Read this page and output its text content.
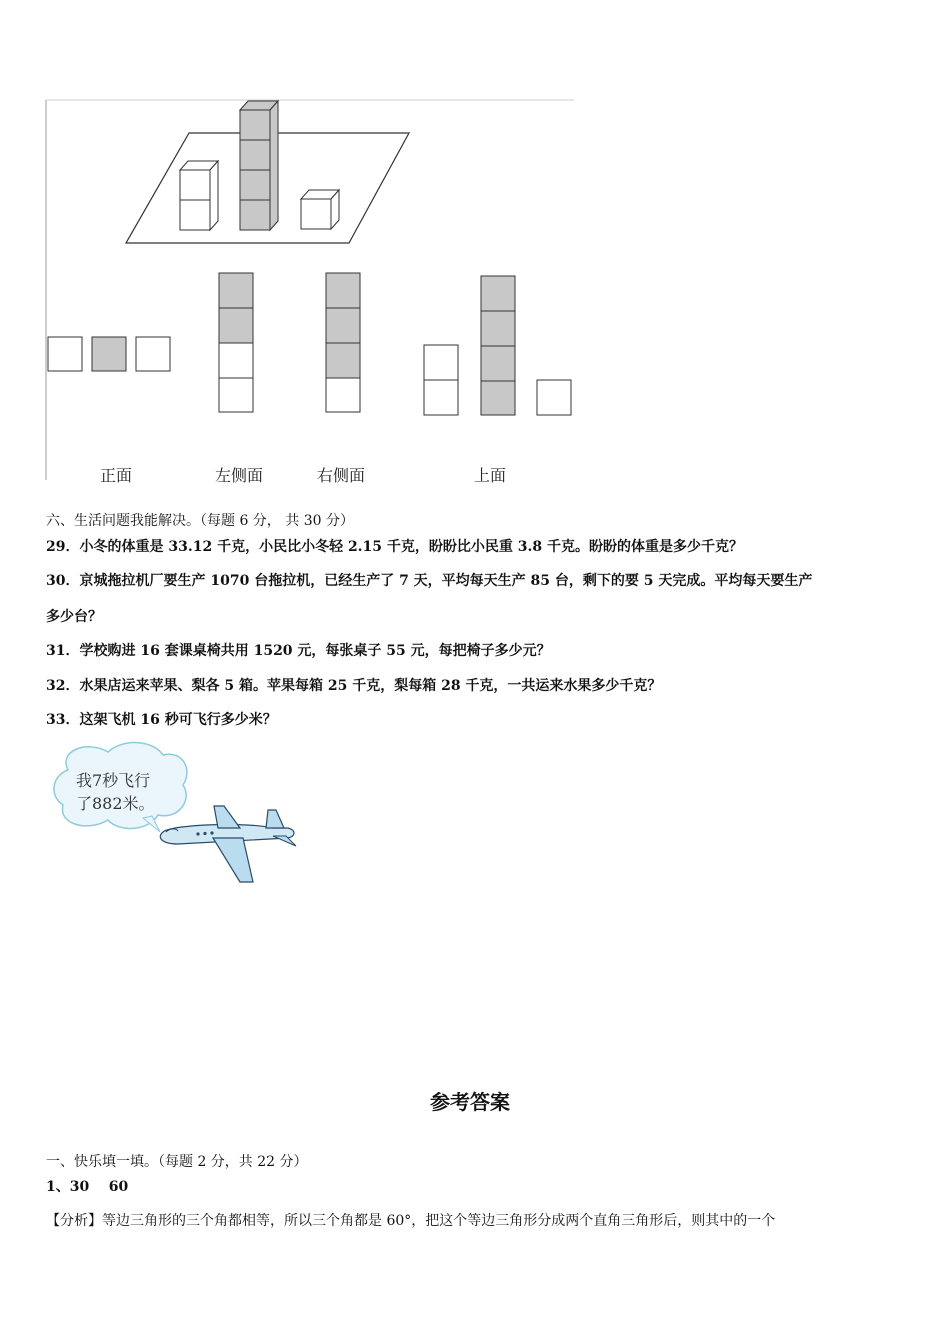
正面	左侧面	右侧面	上面
六、生活问题我能解决。（每题 6 分， 共 30 分）
29．小冬的体重是 33.12 千克，小民比小冬轻 2.15 千克，盼盼比小民重 3.8 千克。盼盼的体重是多少千克？
30．京城拖拉机厂要生产 1070 台拖拉机，已经生产了 7 天，平均每天生产 85 台，剩下的要 5 天完成。平均每天要生产
多少台？
31．学校购进 16 套课桌椅共用 1520 元，每张桌子 55 元，每把椅子多少元？
32．水果店运来苹果、梨各 5 箱。苹果每箱 25 千克，梨每箱 28 千克，一共运来水果多少千克？
33．这架飞机 16 秒可飞行多少米？
我7秒飞行
了882米。
参考答案
一、快乐填一填。（每题 2 分，共 22 分）
1、30    60
【分析】等边三角形的三个角都相等，所以三个角都是 60°，把这个等边三角形分成两个直角三角形后，则其中的一个
